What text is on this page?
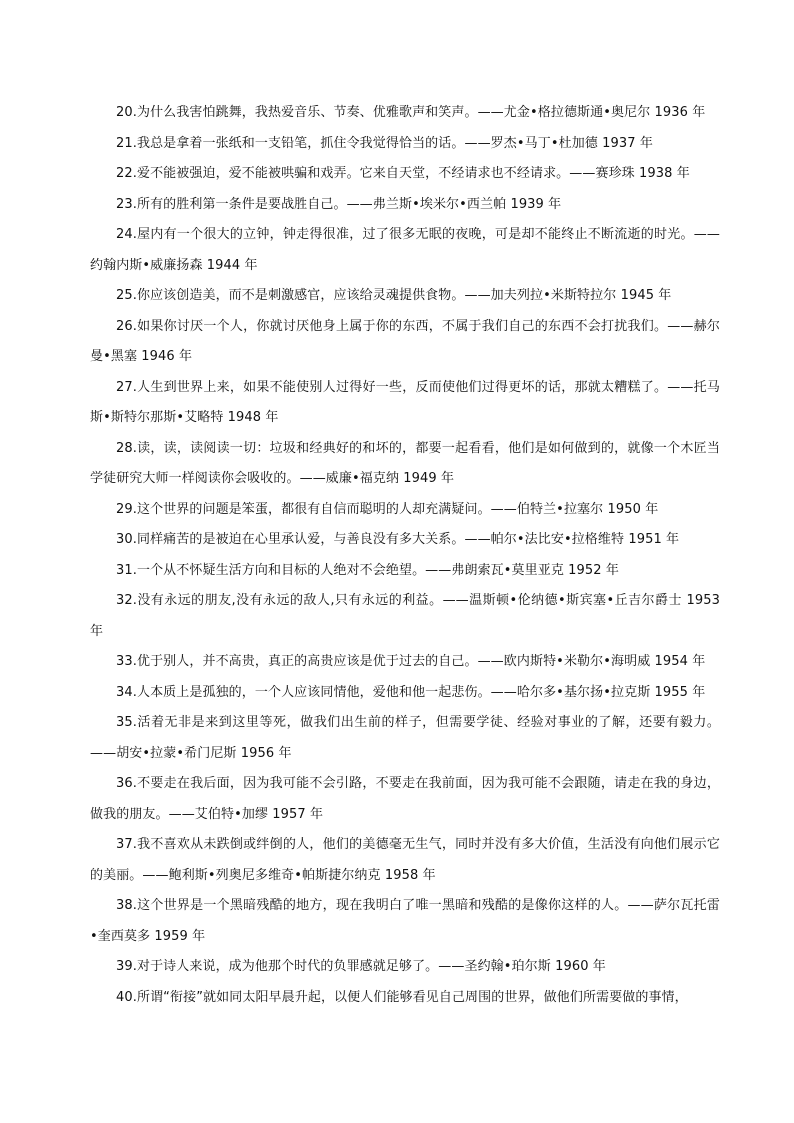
20.为什么我害怕跳舞，我热爱音乐、节奏、优雅歌声和笑声。——尤金•格拉德斯通•奥尼尔 1936 年

21.我总是拿着一张纸和一支铅笔，抓住令我觉得恰当的话。——罗杰•马丁•杜加德 1937 年

22.爱不能被强迫，爱不能被哄骗和戏弄。它来自天堂，不经请求也不经请求。——赛珍珠 1938 年

23.所有的胜利第一条件是要战胜自己。——弗兰斯•埃米尔•西兰帕 1939 年

24.屋内有一个很大的立钟，钟走得很准，过了很多无眠的夜晚，可是却不能终止不断流逝的时光。——约翰内斯•威廉扬森 1944 年

25.你应该创造美，而不是刺激感官，应该给灵魂提供食物。——加夫列拉•米斯特拉尔 1945 年

26.如果你讨厌一个人，你就讨厌他身上属于你的东西，不属于我们自己的东西不会打扰我们。——赫尔曼•黑塞 1946 年

27.人生到世界上来，如果不能使别人过得好一些，反而使他们过得更坏的话，那就太糟糕了。——托马斯•斯特尔那斯•艾略特 1948 年

28.读，读，读阅读一切：垃圾和经典好的和坏的，都要一起看看，他们是如何做到的，就像一个木匠当学徒研究大师一样阅读你会吸收的。——威廉•福克纳 1949 年

29.这个世界的问题是笨蛋，都很有自信而聪明的人却充满疑问。——伯特兰•拉塞尔 1950 年

30.同样痛苦的是被迫在心里承认爱，与善良没有多大关系。——帕尔•法比安•拉格维特 1951 年

31.一个从不怀疑生活方向和目标的人绝对不会绝望。——弗朗索瓦•莫里亚克 1952 年

32.没有永远的朋友,没有永远的敌人,只有永远的利益。——温斯顿•伦纳德•斯宾塞•丘吉尔爵士 1953 年

33.优于别人，并不高贵，真正的高贵应该是优于过去的自己。——欧内斯特•米勒尔•海明威 1954 年

34.人本质上是孤独的，一个人应该同情他，爱他和他一起悲伤。——哈尔多•基尔扬•拉克斯 1955 年

35.活着无非是来到这里等死，做我们出生前的样子，但需要学徒、经验对事业的了解，还要有毅力。——胡安•拉蒙•希门尼斯 1956 年

36.不要走在我后面，因为我可能不会引路，不要走在我前面，因为我可能不会跟随，请走在我的身边，做我的朋友。——艾伯特•加缪 1957 年

37.我不喜欢从未跌倒或绊倒的人，他们的美德毫无生气，同时并没有多大价值，生活没有向他们展示它的美丽。——鲍利斯•列奥尼多维奇•帕斯捷尔纳克 1958 年

38.这个世界是一个黑暗残酷的地方，现在我明白了唯一黑暗和残酷的是像你这样的人。——萨尔瓦托雷•奎西莫多 1959 年

39.对于诗人来说，成为他那个时代的负罪感就足够了。——圣约翰•珀尔斯 1960 年

40.所谓“衔接”就如同太阳早晨升起，以便人们能够看见自己周围的世界，做他们所需要做的事情，
